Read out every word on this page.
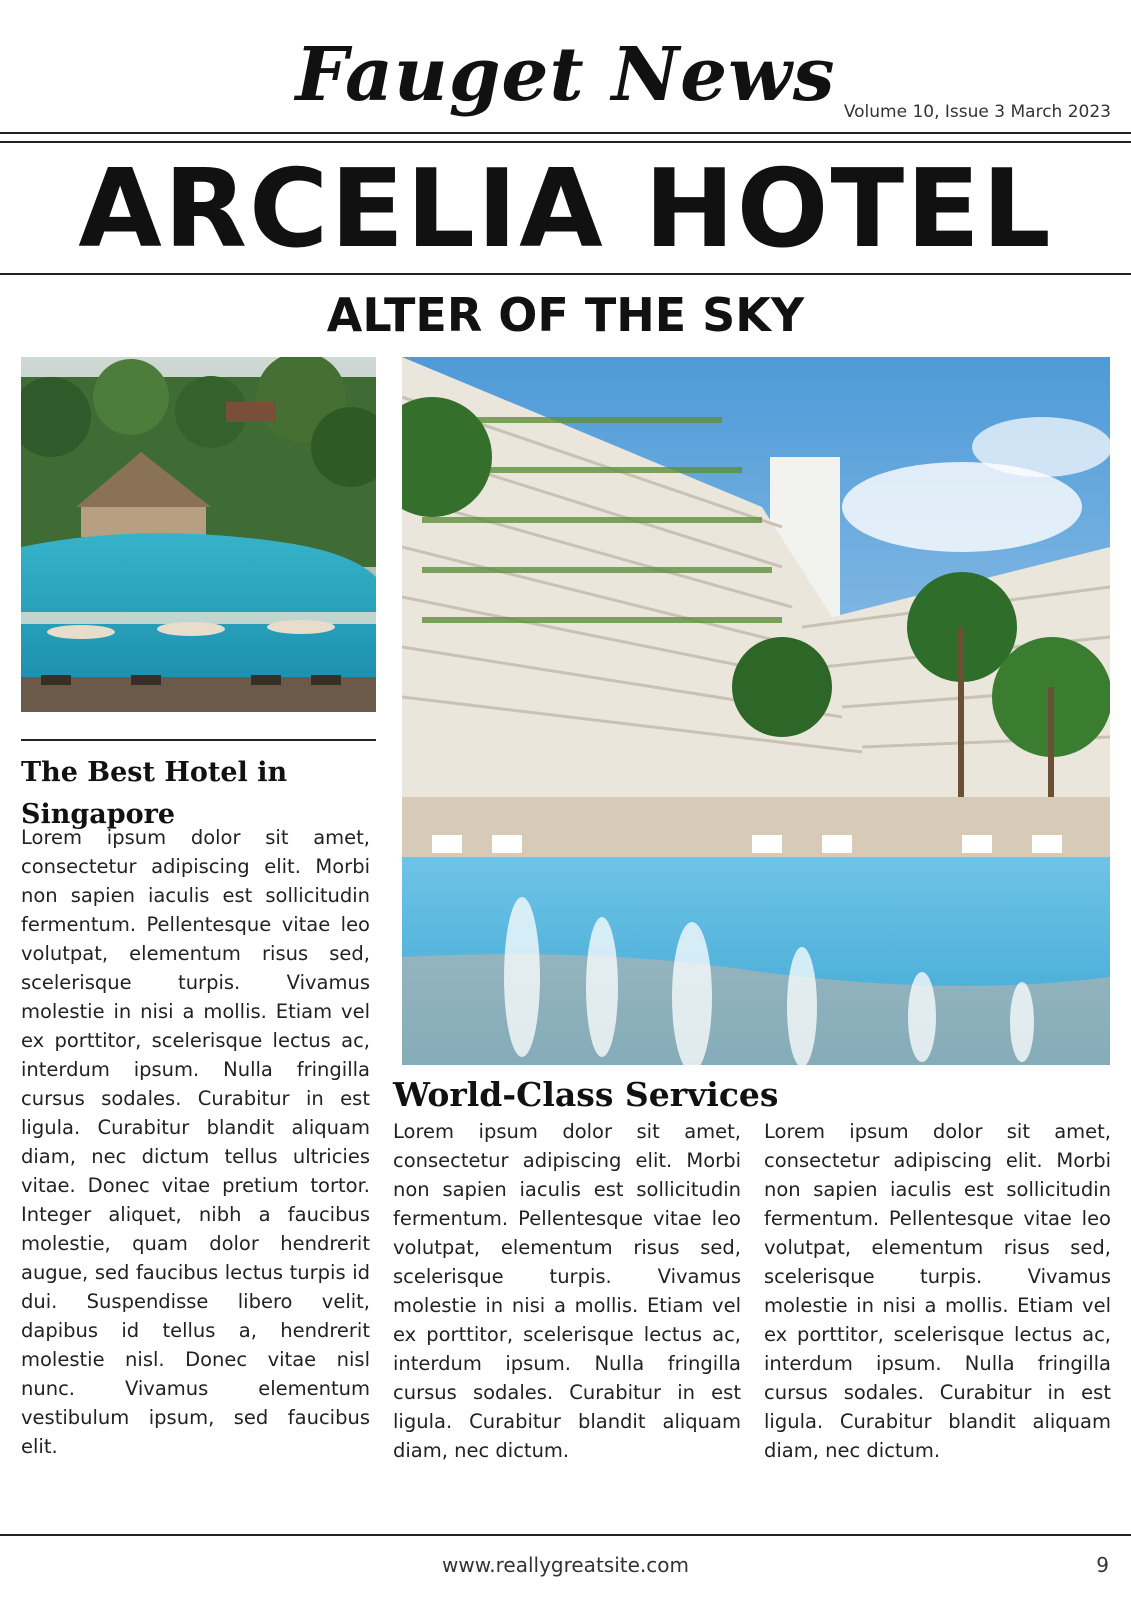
Fauget News Volume 10, Issue 3 March 2023
ARCELIA HOTEL
ALTER OF THE SKY
The Best Hotel in Singapore

Lorem ipsum dolor sit amet, consectetur adipiscing elit. Morbi non sapien iaculis est sollicitudin fermentum. Pellentesque vitae leo volutpat, elementum risus sed, scelerisque turpis. Vivamus molestie in nisi a mollis. Etiam vel ex porttitor, scelerisque lectus ac, interdum ipsum. Nulla fringilla cursus sodales. Curabitur in est ligula. Curabitur blandit aliquam diam, nec dictum tellus ultricies vitae. Donec vitae pretium tortor. Integer aliquet, nibh a faucibus molestie, quam dolor hendrerit augue, sed faucibus lectus turpis id dui. Suspendisse libero velit, dapibus id tellus a, hendrerit molestie nisl. Donec vitae nisl nunc. Vivamus elementum vestibulum ipsum, sed faucibus elit.

World-Class Services

Lorem ipsum dolor sit amet, consectetur adipiscing elit. Morbi non sapien iaculis est sollicitudin fermentum. Pellentesque vitae leo volutpat, elementum risus sed, scelerisque turpis. Vivamus molestie in nisi a mollis. Etiam vel ex porttitor, scelerisque lectus ac, interdum ipsum. Nulla fringilla cursus sodales. Curabitur in est ligula. Curabitur blandit aliquam diam, nec dictum.

Lorem ipsum dolor sit amet, consectetur adipiscing elit. Morbi non sapien iaculis est sollicitudin fermentum. Pellentesque vitae leo volutpat, elementum risus sed, scelerisque turpis. Vivamus molestie in nisi a mollis. Etiam vel ex porttitor, scelerisque lectus ac, interdum ipsum. Nulla fringilla cursus sodales. Curabitur in est ligula. Curabitur blandit aliquam diam, nec dictum.

www.reallygreatsite.com	9
